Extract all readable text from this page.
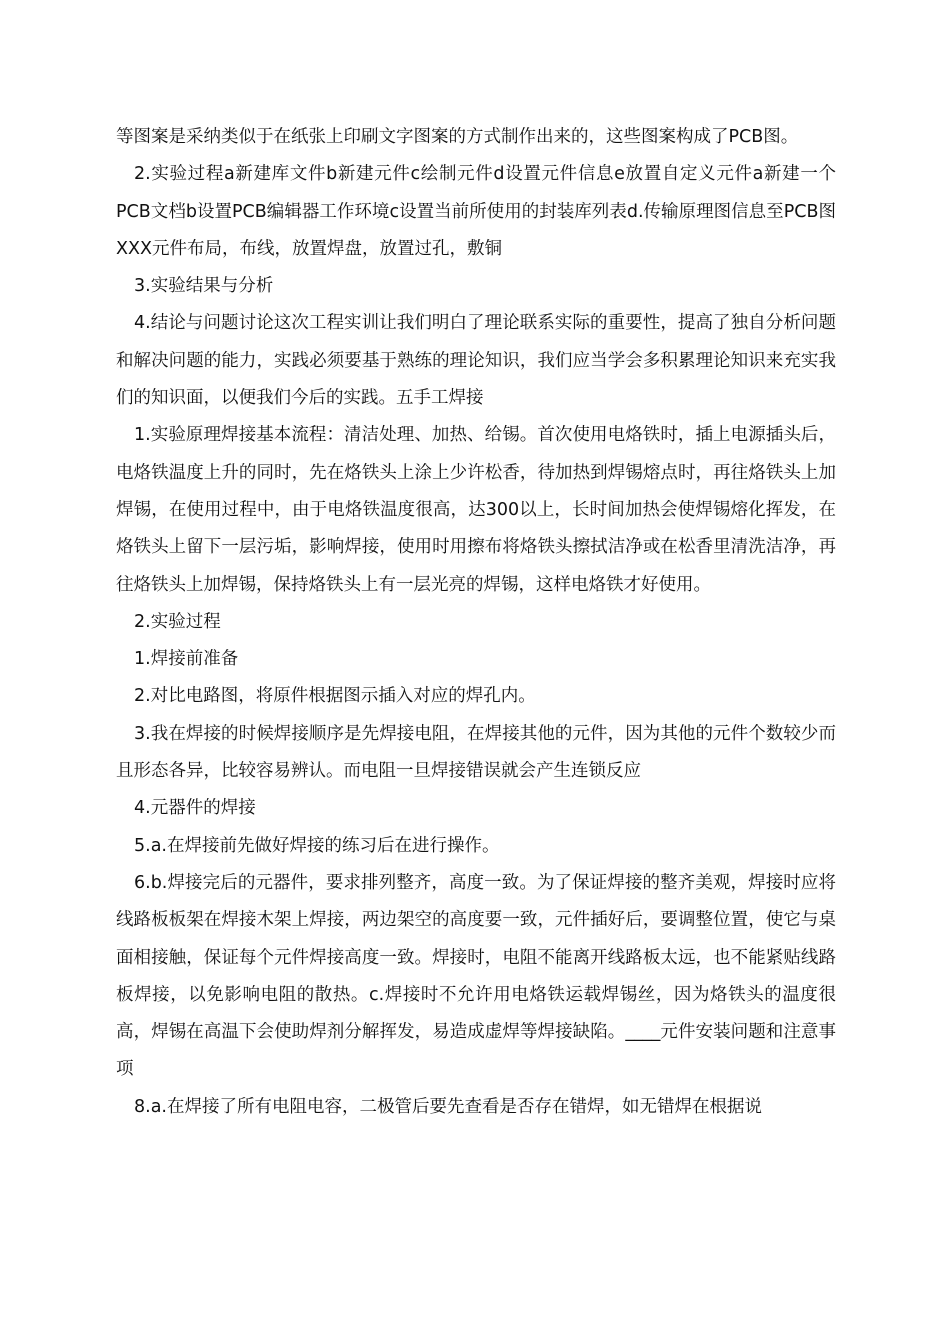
等图案是采纳类似于在纸张上印刷文字图案的方式制作出来的，这些图案构成了PCB图。

2.实验过程a新建库文件b新建元件c绘制元件d设置元件信息e放置自定义元件a新建一个PCB文档b设置PCB编辑器工作环境c设置当前所使用的封装库列表d.传输原理图信息至PCB图XXX元件布局，布线，放置焊盘，放置过孔，敷铜

3.实验结果与分析

4.结论与问题讨论这次工程实训让我们明白了理论联系实际的重要性，提高了独自分析问题和解决问题的能力，实践必须要基于熟练的理论知识，我们应当学会多积累理论知识来充实我们的知识面，以便我们今后的实践。五手工焊接

1.实验原理焊接基本流程：清洁处理、加热、给锡。首次使用电烙铁时，插上电源插头后，电烙铁温度上升的同时，先在烙铁头上涂上少许松香，待加热到焊锡熔点时，再往烙铁头上加焊锡，在使用过程中，由于电烙铁温度很高，达300以上，长时间加热会使焊锡熔化挥发，在烙铁头上留下一层污垢，影响焊接，使用时用擦布将烙铁头擦拭洁净或在松香里清洗洁净，再往烙铁头上加焊锡，保持烙铁头上有一层光亮的焊锡，这样电烙铁才好使用。

2.实验过程

1.焊接前准备

2.对比电路图，将原件根据图示插入对应的焊孔内。

3.我在焊接的时候焊接顺序是先焊接电阻，在焊接其他的元件，因为其他的元件个数较少而且形态各异，比较容易辨认。而电阻一旦焊接错误就会产生连锁反应

4.元器件的焊接

5.a.在焊接前先做好焊接的练习后在进行操作。

6.b.焊接完后的元器件，要求排列整齐，高度一致。为了保证焊接的整齐美观，焊接时应将线路板板架在焊接木架上焊接，两边架空的高度要一致，元件插好后，要调整位置，使它与桌面相接触，保证每个元件焊接高度一致。焊接时，电阻不能离开线路板太远，也不能紧贴线路板焊接，以免影响电阻的散热。c.焊接时不允许用电烙铁运载焊锡丝，因为烙铁头的温度很高，焊锡在高温下会使助焊剂分解挥发，易造成虚焊等焊接缺陷。____元件安装问题和注意事项

8.a.在焊接了所有电阻电容，二极管后要先查看是否存在错焊，如无错焊在根据说
